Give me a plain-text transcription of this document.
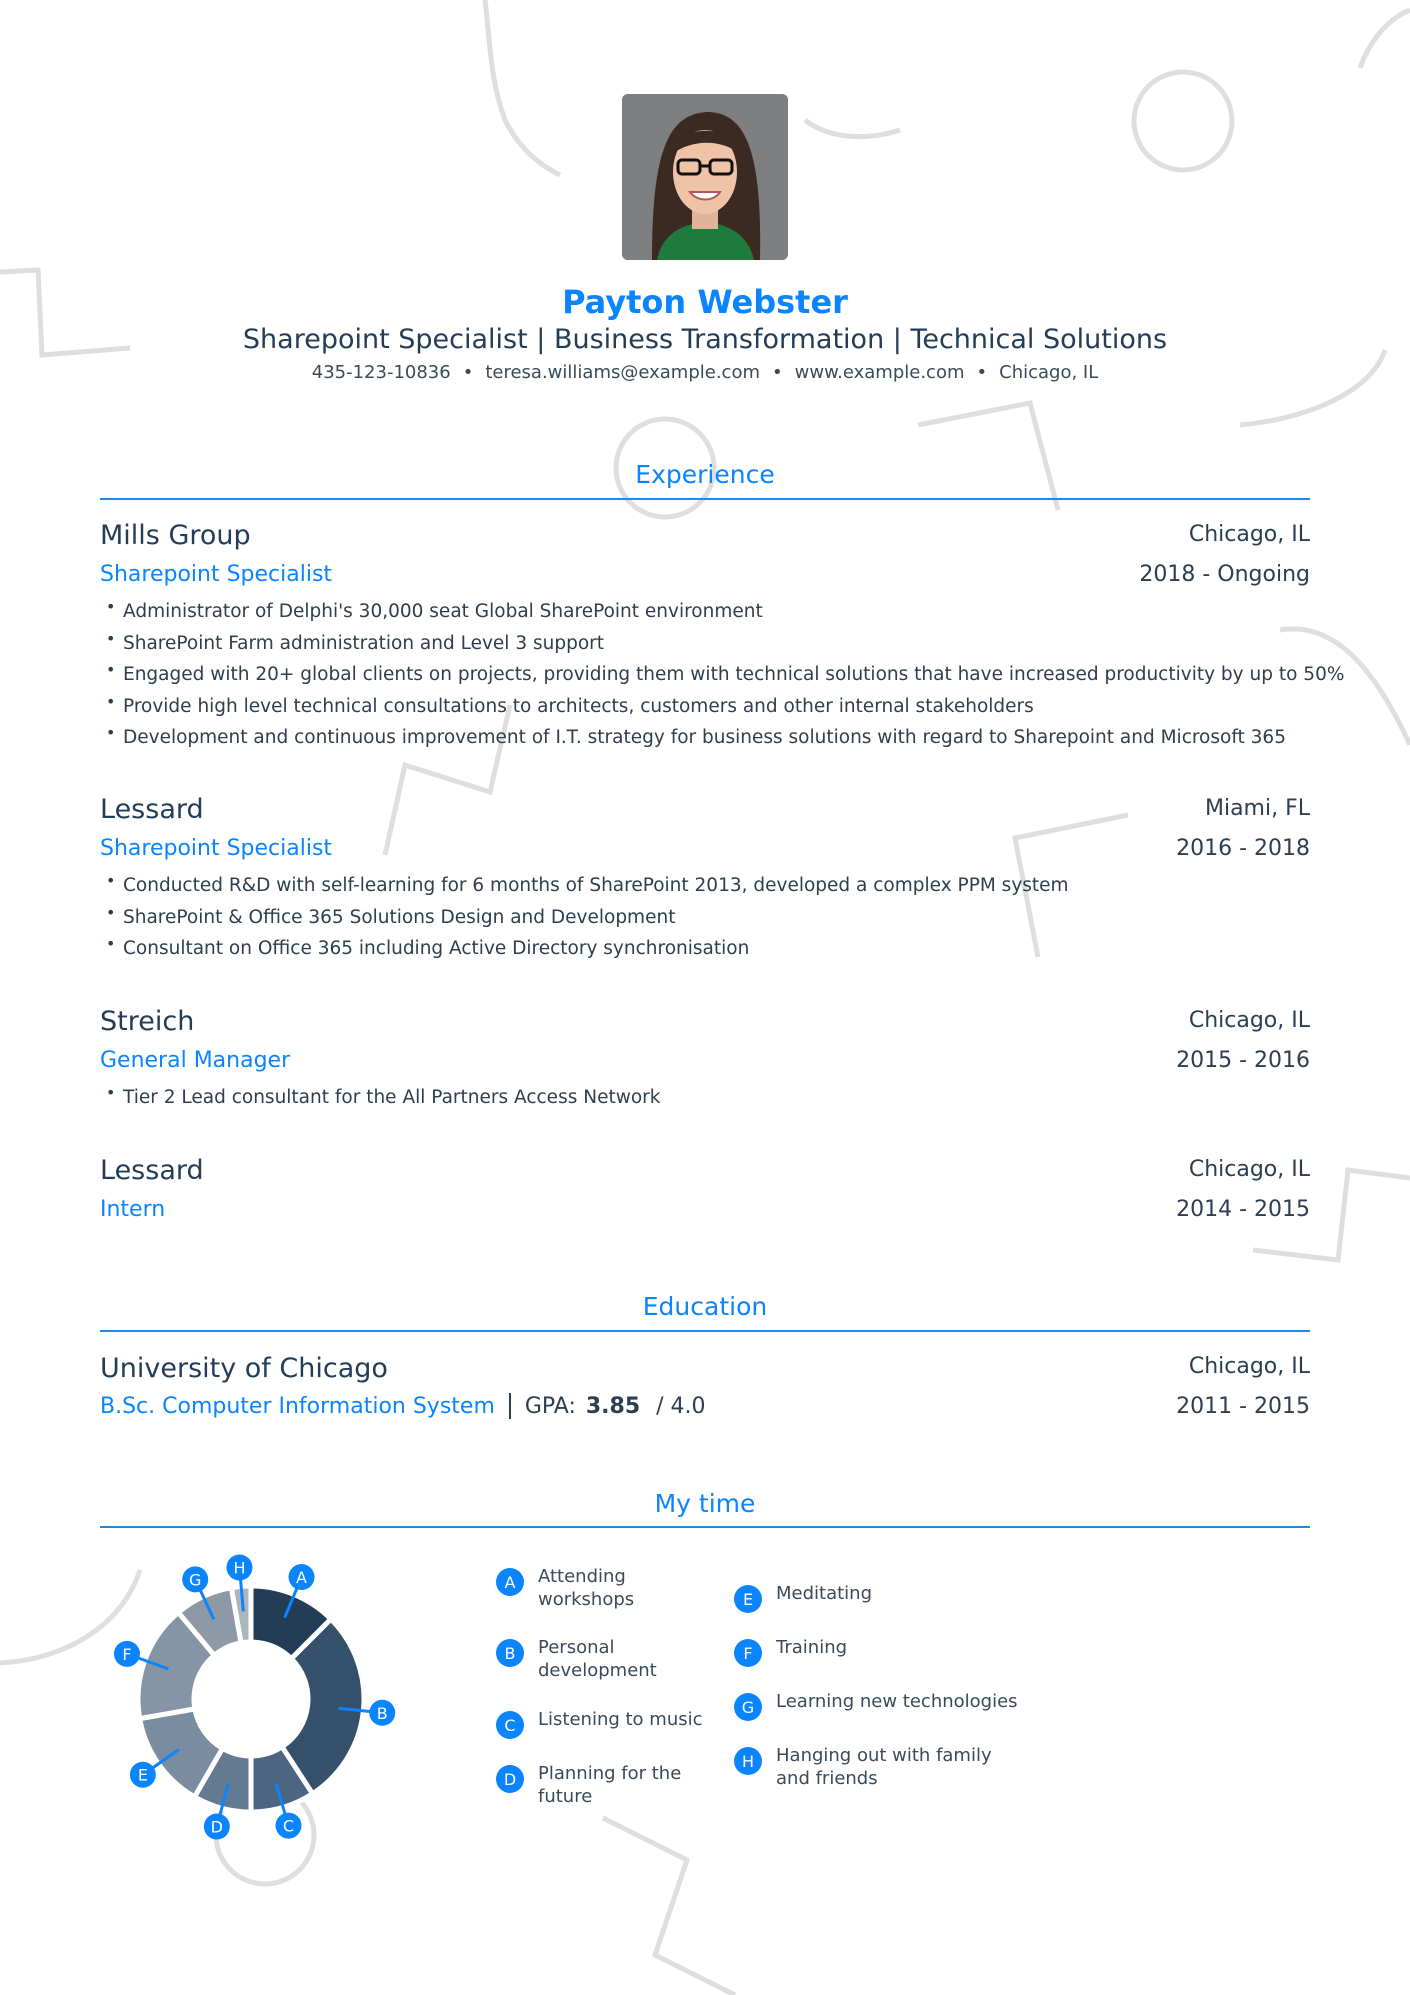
Payton Webster
Sharepoint Specialist | Business Transformation | Technical Solutions
435-123-10836 • teresa.williams@example.com • www.example.com • Chicago, IL
Experience
Mills Group	Chicago, IL
Sharepoint Specialist	2018 - Ongoing
• Administrator of Delphi's 30,000 seat Global SharePoint environment
• SharePoint Farm administration and Level 3 support
• Engaged with 20+ global clients on projects, providing them with technical solutions that have increased productivity by up to 50%
• Provide high level technical consultations to architects, customers and other internal stakeholders
• Development and continuous improvement of I.T. strategy for business solutions with regard to Sharepoint and Microsoft 365
Lessard	Miami, FL
Sharepoint Specialist	2016 - 2018
• Conducted R&D with self-learning for 6 months of SharePoint 2013, developed a complex PPM system
• SharePoint & Office 365 Solutions Design and Development
• Consultant on Office 365 including Active Directory synchronisation
Streich	Chicago, IL
General Manager	2015 - 2016
• Tier 2 Lead consultant for the All Partners Access Network
Lessard	Chicago, IL
Intern	2014 - 2015
Education
University of Chicago	Chicago, IL
B.Sc. Computer Information System GPA: 3.85 / 4.0	2011 - 2015
My time
A
B
C
D
E
F
G
H
A	Attending workshops
B	Personal development
C	Listening to music
D	Planning for the future
E	Meditating
F	Training
G	Learning new technologies
H	Hanging out with family and friends
